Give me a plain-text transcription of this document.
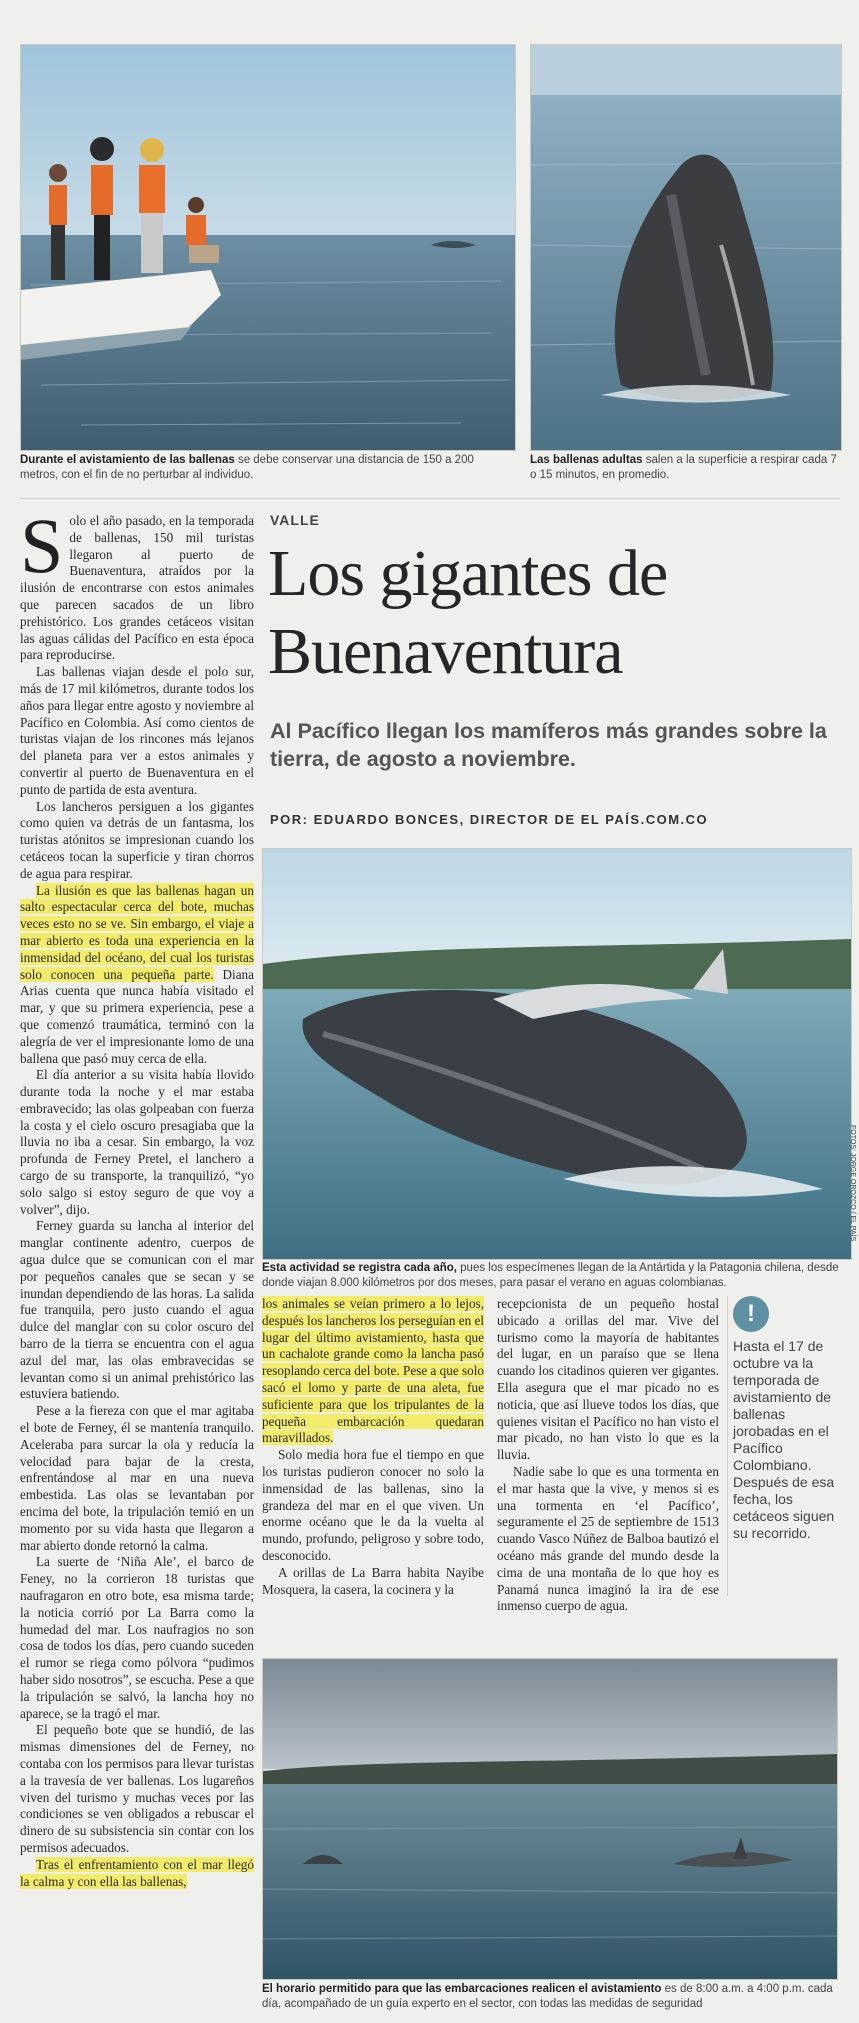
Durante el avistamiento de las ballenas se debe conservar una distancia de 150 a 200 metros, con el fin de no perturbar al individuo.
Las ballenas adultas salen a la superficie a respirar cada 7 o 15 minutos, en promedio.

Solo el año pasado, en la temporada de ballenas, 150 mil turistas llegaron al puerto de Buenaventura, atraídos por la ilusión de encontrarse con estos animales que parecen sacados de un libro prehistórico. Los grandes cetáceos visitan las aguas cálidas del Pacífico en esta época para reproducirse.

Las ballenas viajan desde el polo sur, más de 17 mil kilómetros, durante todos los años para llegar entre agosto y noviembre al Pacífico en Colombia. Así como cientos de turistas viajan de los rincones más lejanos del planeta para ver a estos animales y convertir al puerto de Buenaventura en el punto de partida de esta aventura.

Los lancheros persiguen a los gigantes como quien va detrás de un fantasma, los turistas atónitos se impresionan cuando los cetáceos tocan la superficie y tiran chorros de agua para respirar.

La ilusión es que las ballenas hagan un salto espectacular cerca del bote, muchas veces esto no se ve. Sin embargo, el viaje a mar abierto es toda una experiencia en la inmensidad del océano, del cual los turistas solo conocen una pequeña parte. Diana Arias cuenta que nunca había visitado el mar, y que su primera experiencia, pese a que comenzó traumática, terminó con la alegría de ver el impresionante lomo de una ballena que pasó muy cerca de ella.

El día anterior a su visita había llovido durante toda la noche y el mar estaba embravecido; las olas golpeaban con fuerza la costa y el cielo oscuro presagiaba que la lluvia no iba a cesar. Sin embargo, la voz profunda de Ferney Pretel, el lanchero a cargo de su transporte, la tranquilizó, “yo solo salgo si estoy seguro de que voy a volver”, dijo.

Ferney guarda su lancha al interior del manglar continente adentro, cuerpos de agua dulce que se comunican con el mar por pequeños canales que se secan y se inundan dependiendo de las horas. La salida fue tranquila, pero justo cuando el agua dulce del manglar con su color oscuro del barro de la tierra se encuentra con el agua azul del mar, las olas embravecidas se levantan como si un animal prehistórico las estuviera batiendo.

Pese a la fiereza con que el mar agitaba el bote de Ferney, él se mantenía tranquilo. Aceleraba para surcar la ola y reducía la velocidad para bajar de la cresta, enfrentándose al mar en una nueva embestida. Las olas se levantaban por encima del bote, la tripulación temió en un momento por su vida hasta que llegaron a mar abierto donde retornó la calma.

La suerte de ‘Niña Ale’, el barco de Feney, no la corrieron 18 turistas que naufragaron en otro bote, esa misma tarde; la noticia corrió por La Barra como la humedad del mar. Los naufragios no son cosa de todos los días, pero cuando suceden el rumor se riega como pólvora “pudimos haber sido nosotros”, se escucha. Pese a que la tripulación se salvó, la lancha hoy no aparece, se la tragó el mar.

El pequeño bote que se hundió, de las mismas dimensiones del de Ferney, no contaba con los permisos para llevar turistas a la travesía de ver ballenas. Los lugareños viven del turismo y muchas veces por las condiciones se ven obligados a rebuscar el dinero de su subsistencia sin contar con los permisos adecuados.

Tras el enfrentamiento con el mar llegó la calma y con ella las ballenas,

VALLE
Los gigantes de
Buenaventura
Al Pacífico llegan los mamíferos más grandes sobre la tierra, de agosto a noviembre.
POR: EDUARDO BONCES, DIRECTOR DE EL PAÍS.COM.CO
FOTOS: JORGE OROZCO / EL PAÍS
Esta actividad se registra cada año, pues los especímenes llegan de la Antártida y la Patagonia chilena, desde donde viajan 8.000 kilómetros por dos meses, para pasar el verano en aguas colombianas.

los animales se veían primero a lo lejos, después los lancheros los perseguían en el lugar del último avistamiento, hasta que un cachalote grande como la lancha pasó resoplando cerca del bote. Pese a que solo sacó el lomo y parte de una aleta, fue suficiente para que los tripulantes de la pequeña embarcación quedaran maravillados.

Solo media hora fue el tiempo en que los turistas pudieron conocer no solo la inmensidad de las ballenas, sino la grandeza del mar en el que viven. Un enorme océano que le da la vuelta al mundo, profundo, peligroso y sobre todo, desconocido.

A orillas de La Barra habita Nayibe Mosquera, la casera, la cocinera y la

recepcionista de un pequeño hostal ubicado a orillas del mar. Vive del turismo como la mayoría de habitantes del lugar, en un paraíso que se llena cuando los citadinos quieren ver gigantes. Ella asegura que el mar picado no es noticia, que así llueve todos los días, que quienes visitan el Pacífico no han visto el mar picado, no han visto lo que es la lluvia.

Nadie sabe lo que es una tormenta en el mar hasta que la vive, y menos si es una tormenta en ‘el Pacífico’, seguramente el 25 de septiembre de 1513 cuando Vasco Núñez de Balboa bautizó el océano más grande del mundo desde la cima de una montaña de lo que hoy es Panamá nunca imaginó la ira de ese inmenso cuerpo de agua.

!
Hasta el 17 de octubre va la temporada de avistamiento de ballenas jorobadas en el Pacífico Colombiano. Después de esa fecha, los cetáceos siguen su recorrido.
El horario permitido para que las embarcaciones realicen el avistamiento es de 8:00 a.m. a 4:00 p.m. cada día, acompañado de un guía experto en el sector, con todas las medidas de seguridad
